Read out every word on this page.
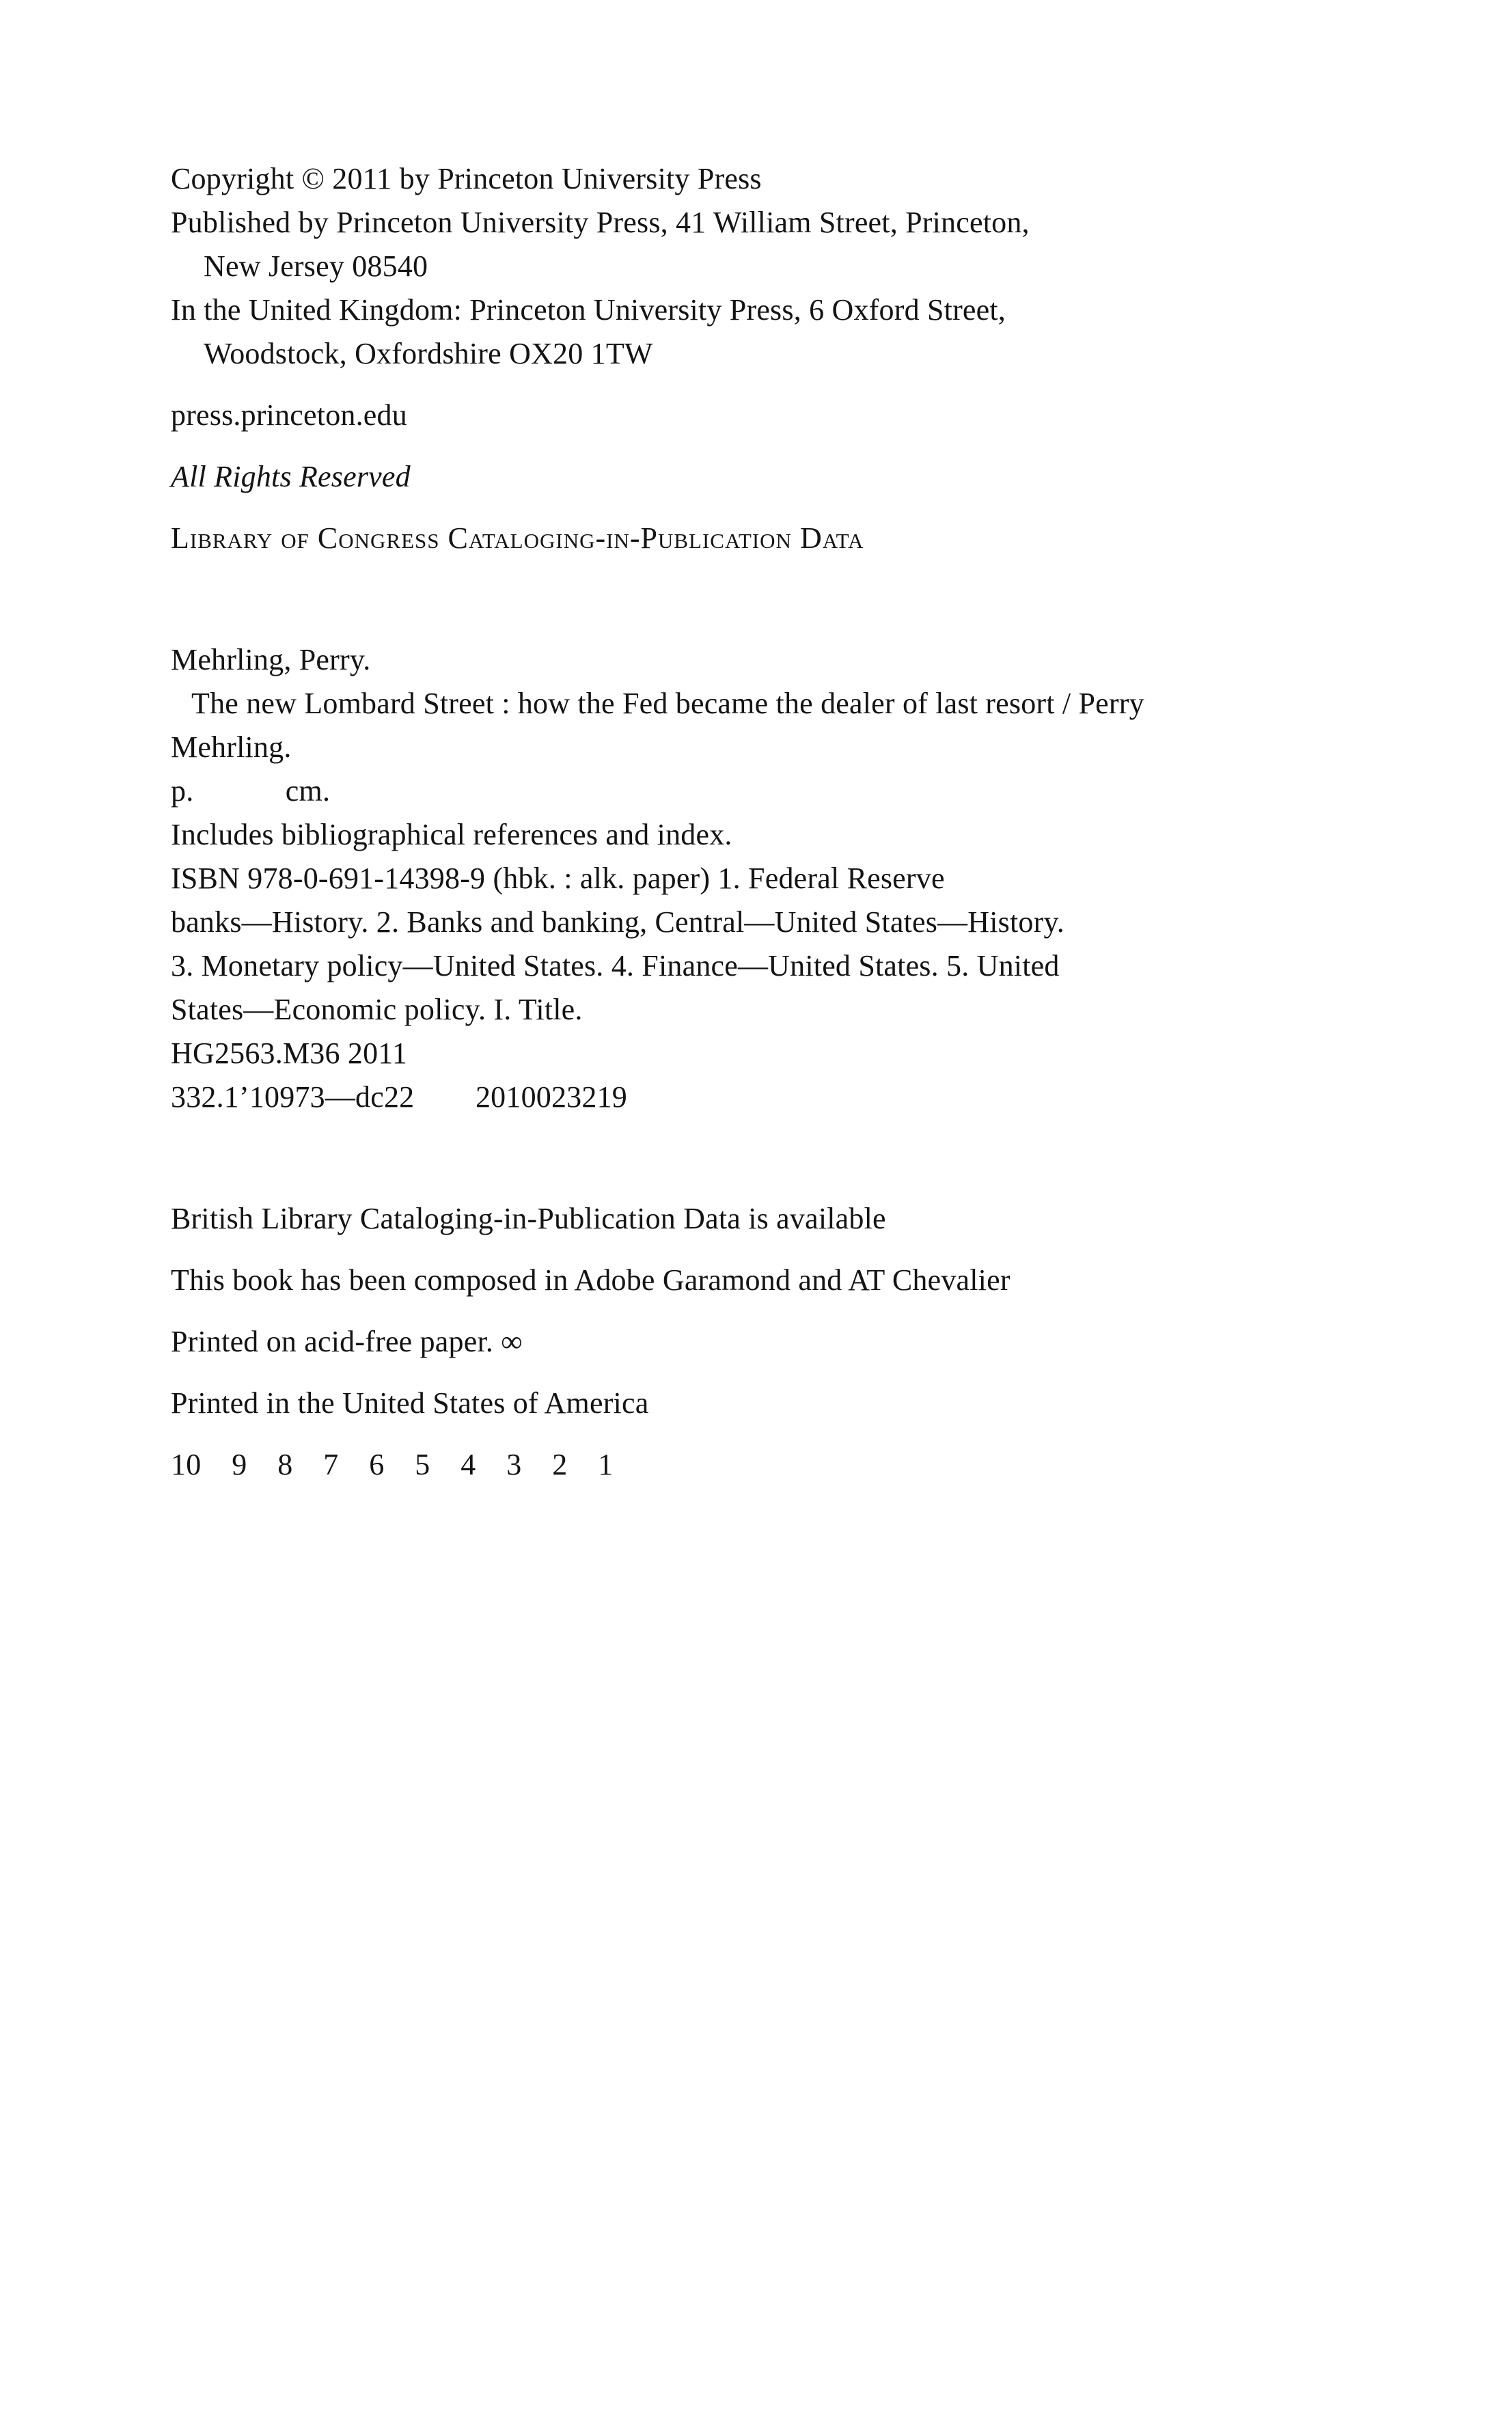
Copyright © 2011 by Princeton University Press
Published by Princeton University Press, 41 William Street, Princeton,
New Jersey 08540
In the United Kingdom: Princeton University Press, 6 Oxford Street,
Woodstock, Oxfordshire OX20 1TW
press.princeton.edu
All Rights Reserved
Library of Congress Cataloging-in-Publication Data
Mehrling, Perry.
The new Lombard Street : how the Fed became the dealer of last resort / Perry
Mehrling.
p.            cm.
Includes bibliographical references and index.
ISBN 978-0-691-14398-9 (hbk. : alk. paper) 1. Federal Reserve
banks—History. 2. Banks and banking, Central—United States—History.
3. Monetary policy—United States. 4. Finance—United States. 5. United
States—Economic policy. I. Title.
HG2563.M36 2011
332.1’10973—dc22        2010023219
British Library Cataloging-in-Publication Data is available
This book has been composed in Adobe Garamond and AT Chevalier
Printed on acid-free paper. ∞
Printed in the United States of America
10    9    8    7    6    5    4    3    2    1
